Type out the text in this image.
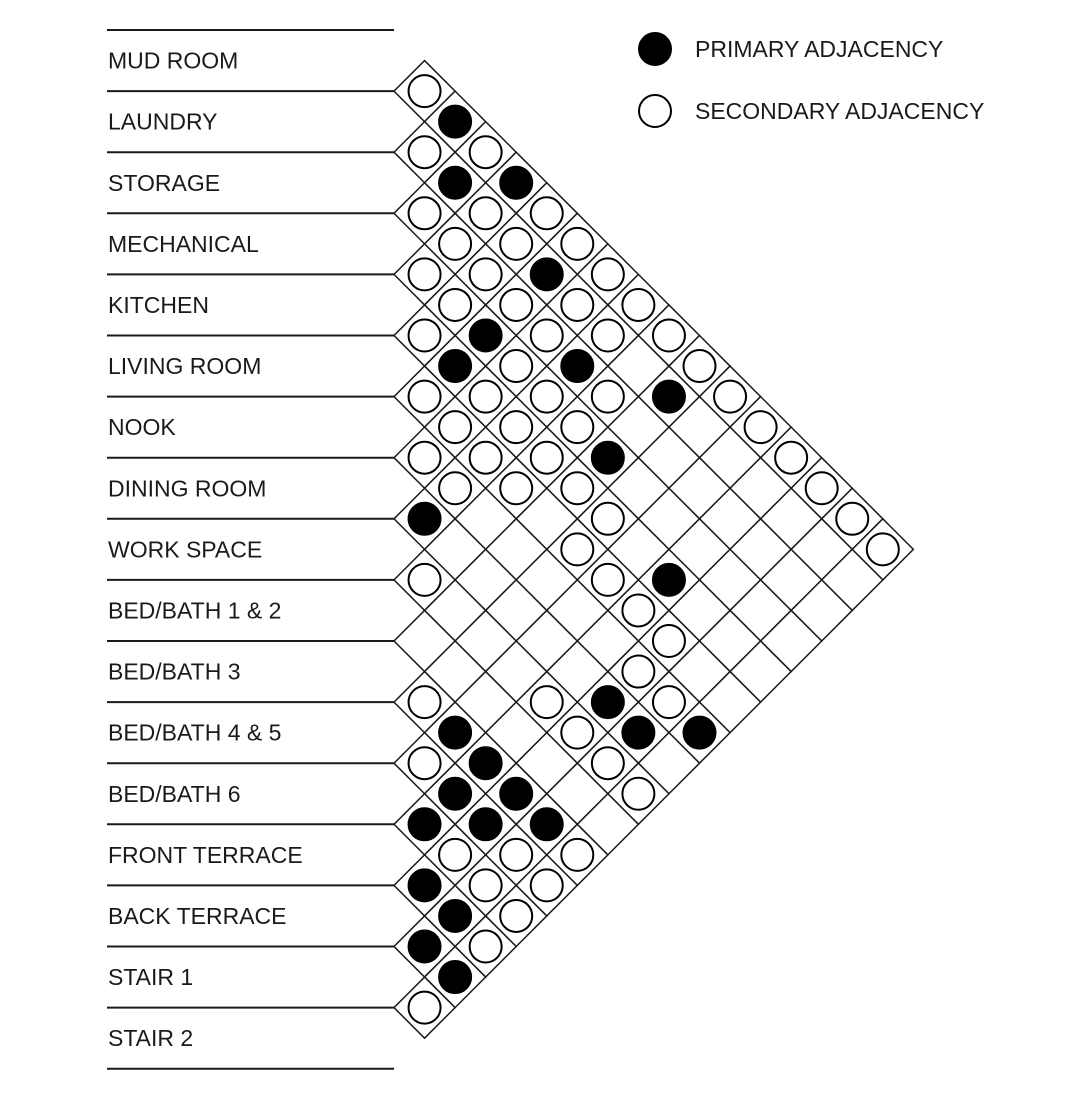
MUD ROOM
LAUNDRY
STORAGE
MECHANICAL
KITCHEN
LIVING ROOM
NOOK
DINING ROOM
WORK SPACE
BED/BATH 1 & 2
BED/BATH 3
BED/BATH 4 & 5
BED/BATH 6
FRONT TERRACE
BACK TERRACE
STAIR 1
STAIR 2
PRIMARY ADJACENCY
SECONDARY ADJACENCY
